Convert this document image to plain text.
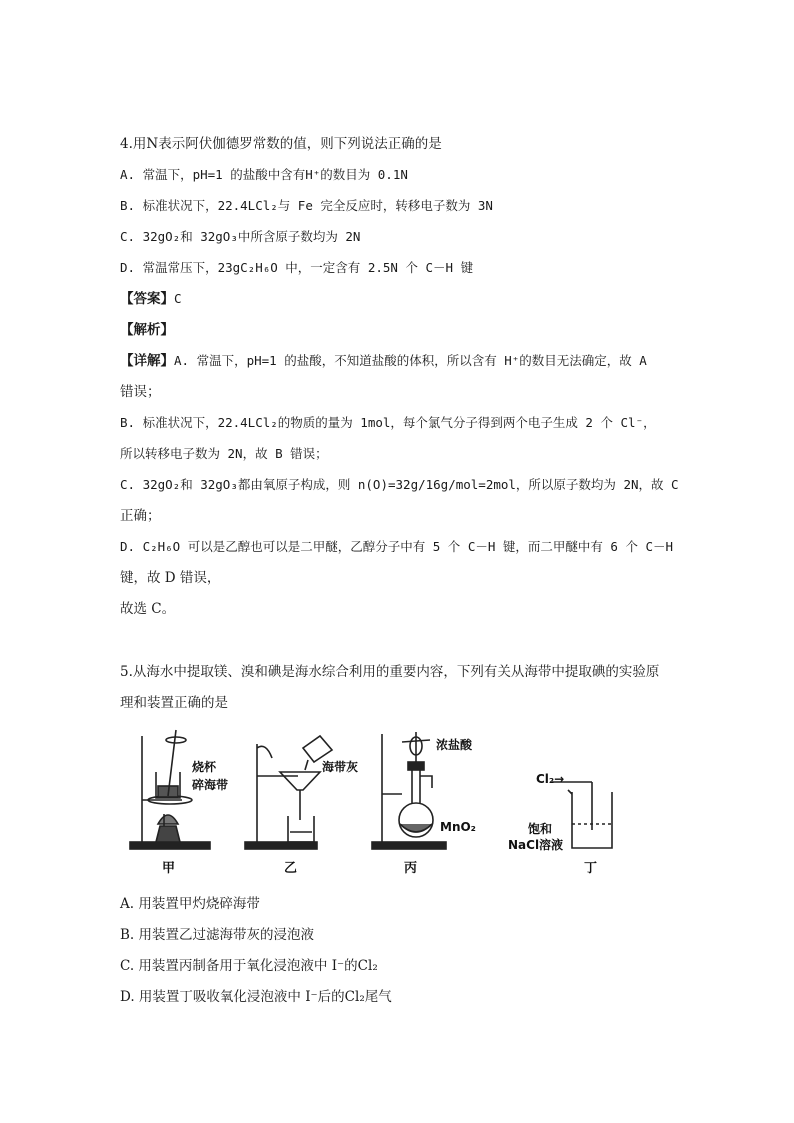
4.用N表示阿伏伽德罗常数的值，则下列说法正确的是
A. 常温下，pH=1 的盐酸中含有H⁺的数目为 0.1N
B. 标准状况下，22.4LCl₂与 Fe 完全反应时，转移电子数为 3N
C. 32gO₂和 32gO₃中所含原子数均为 2N
D. 常温常压下，23gC₂H₆O 中，一定含有 2.5N 个 C－H 键
【答案】C
【解析】
【详解】A. 常温下，pH=1 的盐酸，不知道盐酸的体积，所以含有 H⁺的数目无法确定，故 A
错误；
B. 标准状况下，22.4LCl₂的物质的量为 1mol，每个氯气分子得到两个电子生成 2 个 Cl⁻，
所以转移电子数为 2N，故 B 错误；
C. 32gO₂和 32gO₃都由氧原子构成，则 n(O)=32g/16g/mol=2mol，所以原子数均为 2N，故 C
正确；
D. C₂H₆O 可以是乙醇也可以是二甲醚，乙醇分子中有 5 个 C－H 键，而二甲醚中有 6 个 C－H
键，故 D 错误，
故选 C。
5.从海水中提取镁、溴和碘是海水综合利用的重要内容，下列有关从海带中提取碘的实验原
理和装置正确的是
烧杯
碎海带
甲
海带灰
乙
浓盐酸
MnO₂
丙
Cl₂→
饱和
NaCl溶液
丁
A. 用装置甲灼烧碎海带
B. 用装置乙过滤海带灰的浸泡液
C. 用装置丙制备用于氧化浸泡液中 I⁻的Cl₂
D. 用装置丁吸收氧化浸泡液中 I⁻后的Cl₂尾气
